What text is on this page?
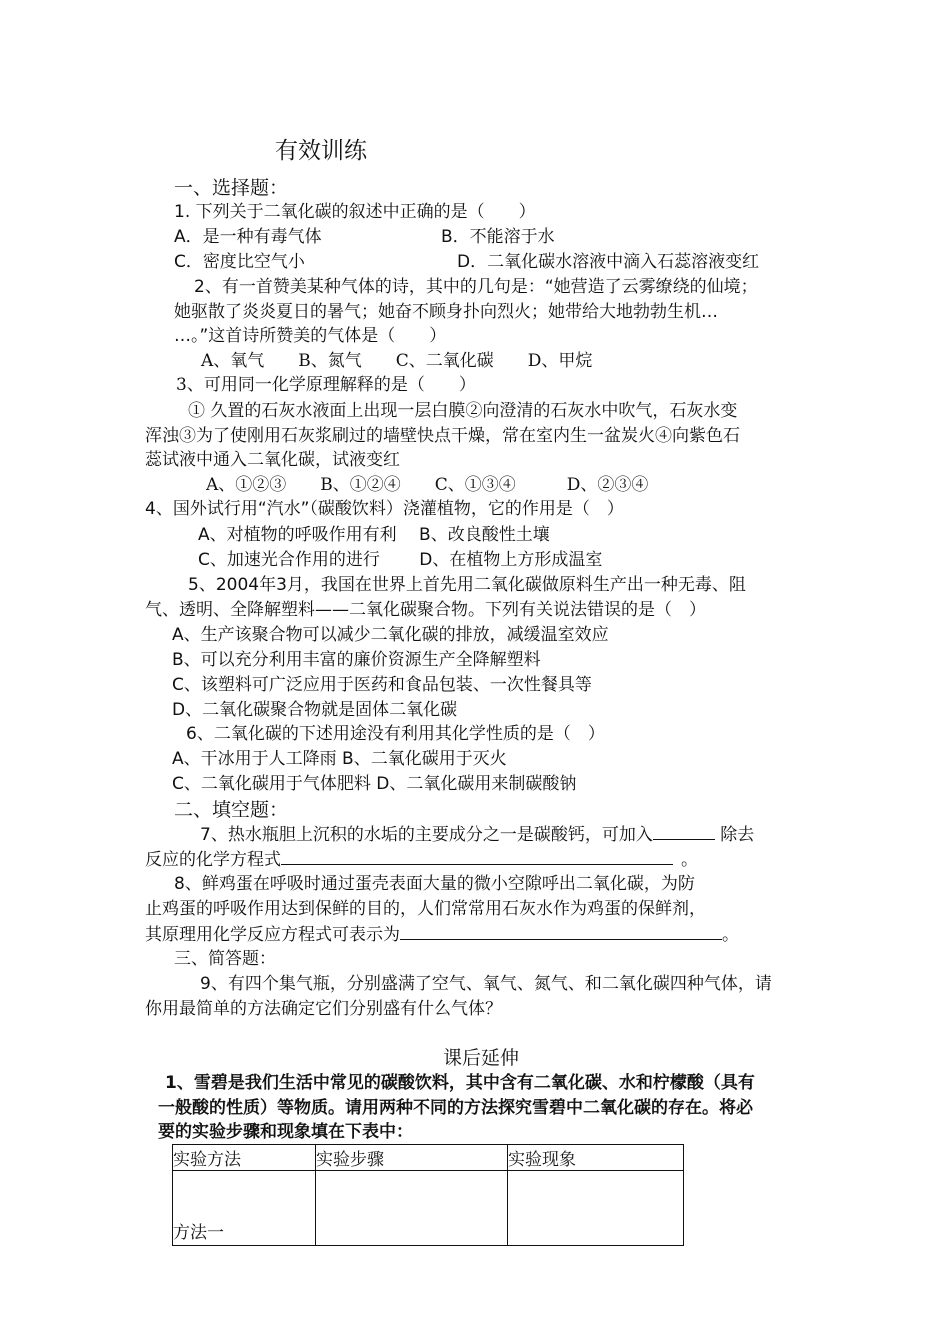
有效训练
一、选择题：
1. 下列关于二氧化碳的叙述中正确的是（　　）
A．是一种有毒气体	B．不能溶于水
C．密度比空气小	D．二氧化碳水溶液中滴入石蕊溶液变红
2、有一首赞美某种气体的诗，其中的几句是：“她营造了云雾缭绕的仙境；
她驱散了炎炎夏日的暑气；她奋不顾身扑向烈火；她带给大地勃勃生机…
…。”这首诗所赞美的气体是（　　）
A、氧气　　B、氮气　　C、二氧化碳　　D、甲烷
3、可用同一化学原理解释的是（　　）
① 久置的石灰水液面上出现一层白膜②向澄清的石灰水中吹气，石灰水变
浑浊③为了使刚用石灰浆刷过的墙壁快点干燥，常在室内生一盆炭火④向紫色石
蕊试液中通入二氧化碳，试液变红
A、①②③　　B、①②④　　C、①③④　　　D、②③④
4、国外试行用“汽水”（碳酸饮料）浇灌植物，它的作用是（　）
A、对植物的呼吸作用有利　 B、改良酸性土壤
C、加速光合作用的进行　　 D、在植物上方形成温室
5、2004年3月，我国在世界上首先用二氧化碳做原料生产出一种无毒、阻
气、透明、全降解塑料——二氧化碳聚合物。下列有关说法错误的是（　）
A、生产该聚合物可以减少二氧化碳的排放，减缓温室效应
B、可以充分利用丰富的廉价资源生产全降解塑料
C、该塑料可广泛应用于医药和食品包装、一次性餐具等
D、二氧化碳聚合物就是固体二氧化碳
6、二氧化碳的下述用途没有利用其化学性质的是（　）
A、干冰用于人工降雨 B、二氧化碳用于灭火
C、二氧化碳用于气体肥料 D、二氧化碳用来制碳酸钠
二、填空题：
7、热水瓶胆上沉积的水垢的主要成分之一是碳酸钙，可加入	除去
反应的化学方程式	。
8、鲜鸡蛋在呼吸时通过蛋壳表面大量的微小空隙呼出二氧化碳，为防
止鸡蛋的呼吸作用达到保鲜的目的，人们常常用石灰水作为鸡蛋的保鲜剂，
其原理用化学反应方程式可表示为	。
三、简答题：
9、有四个集气瓶，分别盛满了空气、氧气、氮气、和二氧化碳四种气体，请
你用最简单的方法确定它们分别盛有什么气体？
课后延伸
1、雪碧是我们生活中常见的碳酸饮料，其中含有二氧化碳、水和柠檬酸（具有
一般酸的性质）等物质。请用两种不同的方法探究雪碧中二氧化碳的存在。将必
要的实验步骤和现象填在下表中：
实验方法	实验步骤	实验现象
方法一		
